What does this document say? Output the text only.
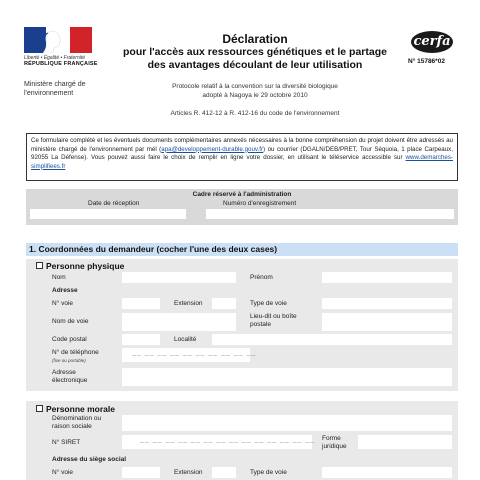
Liberté • Égalité • Fraternité
RÉPUBLIQUE FRANÇAISE
Ministère chargé de l'environnement
Déclaration
pour l'accès aux ressources génétiques et le partage
des avantages découlant de leur utilisation
Protocole relatif à la convention sur la diversité biologique
adopté à Nagoya le 29 octobre 2010
Articles R. 412-12 à R. 412-16 du code de l'environnement
cerfa
N° 15786*02
Ce formulaire complété et les éventuels documents complémentaires annexés nécessaires à la bonne compréhension du projet doivent être adressés au ministère chargé de l'environnement par mél (apa@developpement-durable.gouv.fr) ou courrier (DGALN/DEB/PRET, Tour Séquoia, 1 place Carpeaux, 92055 La Défense). Vous pouvez aussi faire le choix de remplir en ligne votre dossier, en utilisant le téléservice accessible sur www.demarches-simplifiees.fr
Cadre réservé à l'administration
Date de réception	Numéro d'enregistrement
1. Coordonnées du demandeur (cocher l'une des deux cases)
Personne physique
Nom	Prénom
Adresse
N° voie	Extension	Type de voie
Nom de voie
Lieu-dit ou boîte
postale
Code postal	Localité
N° de téléphone
(fixe ou portable)
__ __ __ __ __ __ __ __ __ __
Adresse
électronique
Personne morale
Dénomination ou
raison sociale
N° SIRET	__ __ __ __ __ __ __ __ __ __ __ __ __ __ Forme
juridique
Adresse du siège social
N° voie	Extension	Type de voie
